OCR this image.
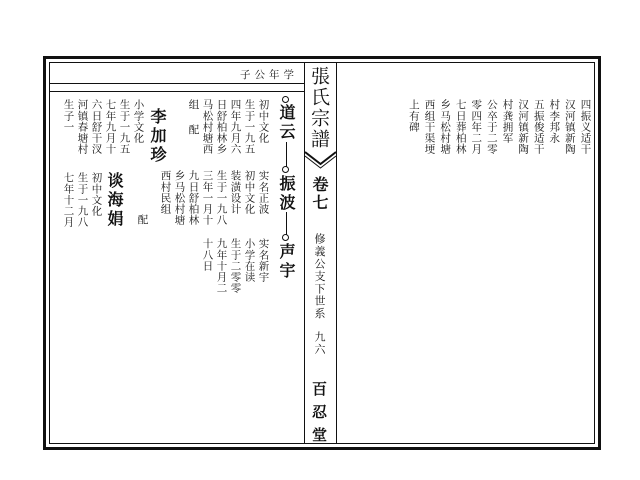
子公年学 張氏宗譜
卷七
修義公支下世系
九六
百忍堂
四振义适干
汉河镇新陶
村李邦永
五振俊适干
汉河镇新陶
村龚拥军
公卒于二零
零四年二月
七日葬柏林
乡马松村塘
西组干渠埂
上有碑
道云
振波
声宇
初中文化
生于一九五
四年九月六
日舒柏林乡
马松村塘西
组
配
实名正波
初中文化
装潢设计
生于一九八
三年一月十
九日舒柏林
乡马松村塘
西村民组
配
实名新宇
小学在读
生于二零零
九年十月二
十八日
李加珍
小学文化
生于一九五
七年九月十
六日舒干汊
河镇春塘村
生子一
谈海娟
初中文化
生于一九八
七年十二月
